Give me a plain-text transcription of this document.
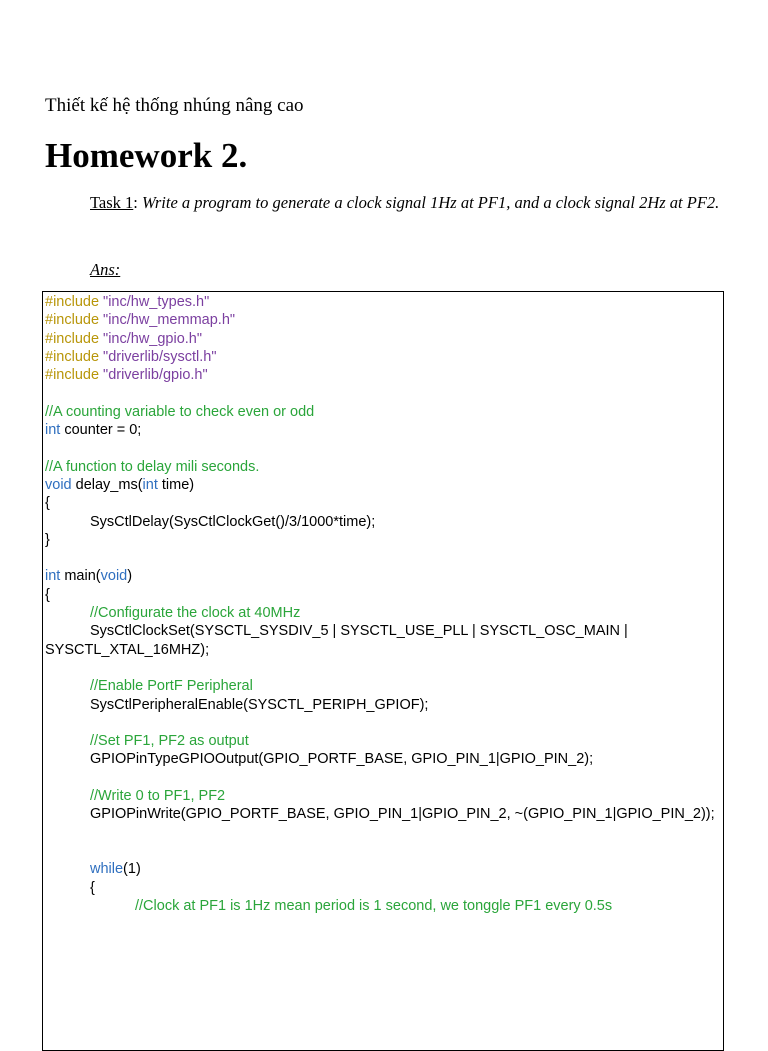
Thiết kế hệ thống nhúng nâng cao
Homework 2.
Task 1: Write a program to generate a clock signal 1Hz at PF1, and a clock signal 2Hz at PF2.
Ans:
#include "inc/hw_types.h"
#include "inc/hw_memmap.h"
#include "inc/hw_gpio.h"
#include "driverlib/sysctl.h"
#include "driverlib/gpio.h"

//A counting variable to check even or odd
int counter = 0;

//A function to delay mili seconds.
void delay_ms(int time)
{
SysCtlDelay(SysCtlClockGet()/3/1000*time);
}

int main(void)
{
//Configurate the clock at 40MHz
SysCtlClockSet(SYSCTL_SYSDIV_5 | SYSCTL_USE_PLL | SYSCTL_OSC_MAIN |
SYSCTL_XTAL_16MHZ);

//Enable PortF Peripheral
SysCtlPeripheralEnable(SYSCTL_PERIPH_GPIOF);

//Set PF1, PF2 as output
GPIOPinTypeGPIOOutput(GPIO_PORTF_BASE, GPIO_PIN_1|GPIO_PIN_2);

//Write 0 to PF1, PF2
GPIOPinWrite(GPIO_PORTF_BASE, GPIO_PIN_1|GPIO_PIN_2, ~(GPIO_PIN_1|GPIO_PIN_2));

while(1)
{
//Clock at PF1 is 1Hz mean period is 1 second, we tonggle PF1 every 0.5s
